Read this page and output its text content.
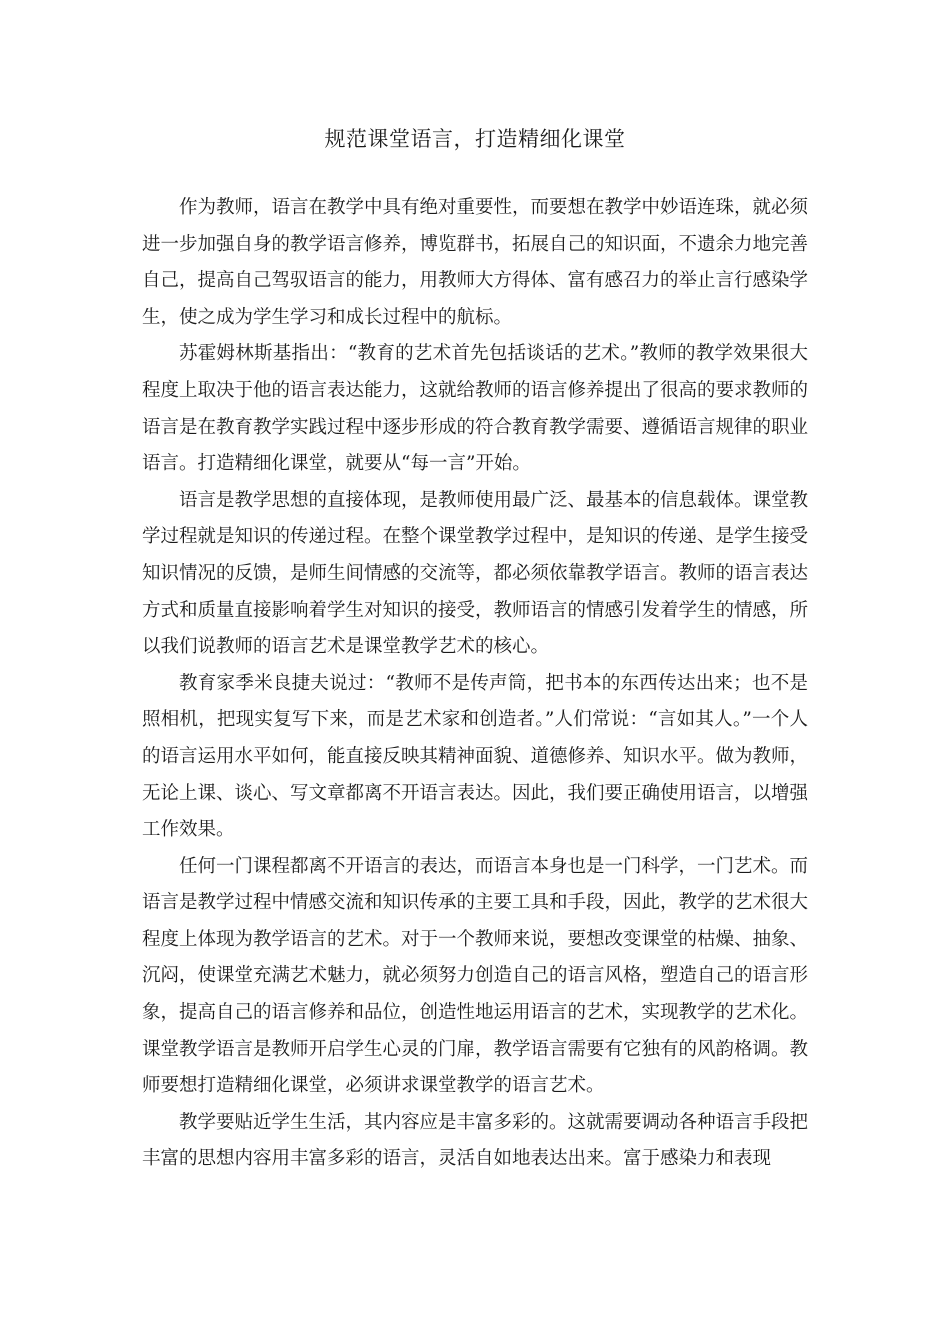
规范课堂语言，打造精细化课堂

作为教师，语言在教学中具有绝对重要性，而要想在教学中妙语连珠，就必须进一步加强自身的教学语言修养，博览群书，拓展自己的知识面，不遗余力地完善自己，提高自己驾驭语言的能力，用教师大方得体、富有感召力的举止言行感染学生，使之成为学生学习和成长过程中的航标。

苏霍姆林斯基指出：“教育的艺术首先包括谈话的艺术。”教师的教学效果很大程度上取决于他的语言表达能力，这就给教师的语言修养提出了很高的要求教师的语言是在教育教学实践过程中逐步形成的符合教育教学需要、遵循语言规律的职业语言。打造精细化课堂，就要从“每一言”开始。

语言是教学思想的直接体现，是教师使用最广泛、最基本的信息载体。课堂教学过程就是知识的传递过程。在整个课堂教学过程中，是知识的传递、是学生接受知识情况的反馈，是师生间情感的交流等，都必须依靠教学语言。教师的语言表达方式和质量直接影响着学生对知识的接受，教师语言的情感引发着学生的情感，所以我们说教师的语言艺术是课堂教学艺术的核心。

教育家季米良捷夫说过：“教师不是传声筒，把书本的东西传达出来；也不是照相机，把现实复写下来，而是艺术家和创造者。”人们常说：“言如其人。”一个人的语言运用水平如何，能直接反映其精神面貌、道德修养、知识水平。做为教师，无论上课、谈心、写文章都离不开语言表达。因此，我们要正确使用语言，以增强工作效果。

任何一门课程都离不开语言的表达，而语言本身也是一门科学，一门艺术。而语言是教学过程中情感交流和知识传承的主要工具和手段，因此，教学的艺术很大程度上体现为教学语言的艺术。对于一个教师来说，要想改变课堂的枯燥、抽象、沉闷，使课堂充满艺术魅力，就必须努力创造自己的语言风格，塑造自己的语言形象，提高自己的语言修养和品位，创造性地运用语言的艺术，实现教学的艺术化。课堂教学语言是教师开启学生心灵的门扉，教学语言需要有它独有的风韵格调。教师要想打造精细化课堂，必须讲求课堂教学的语言艺术。

教学要贴近学生生活，其内容应是丰富多彩的。这就需要调动各种语言手段把丰富的思想内容用丰富多彩的语言，灵活自如地表达出来。富于感染力和表现
